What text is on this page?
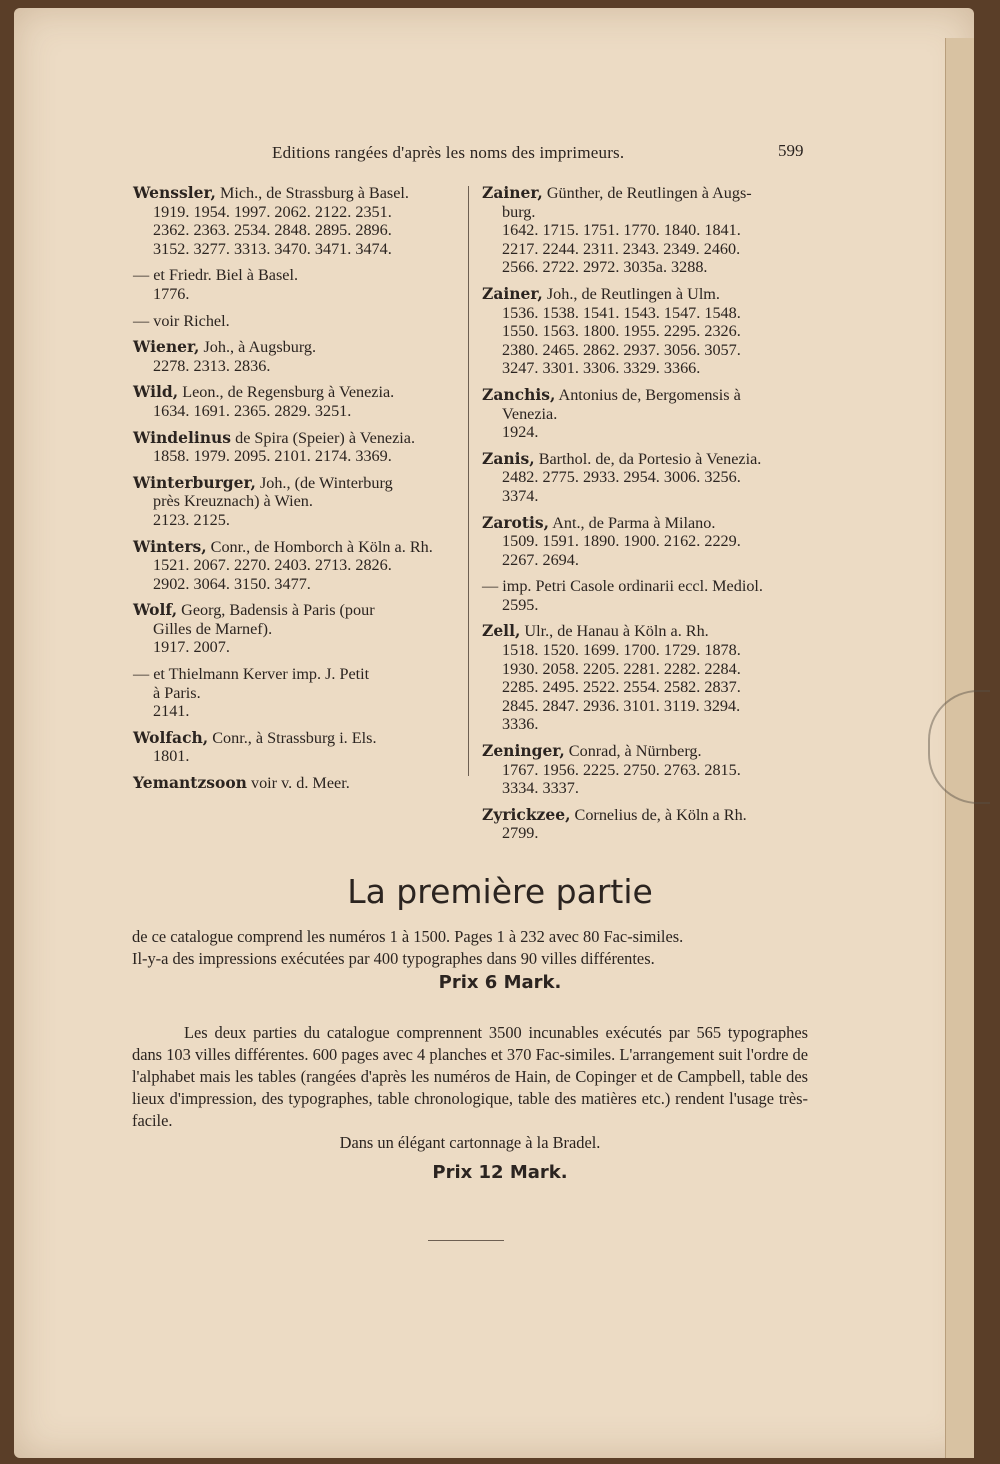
Editions rangées d'après les noms des imprimeurs.	599
Wenssler, Mich., de Strassburg à Basel.
1919. 1954. 1997. 2062. 2122. 2351.
2362. 2363. 2534. 2848. 2895. 2896.
3152. 3277. 3313. 3470. 3471. 3474.
— et Friedr. Biel à Basel.
1776.
— voir Richel.
Wiener, Joh., à Augsburg.
2278. 2313. 2836.
Wild, Leon., de Regensburg à Venezia.
1634. 1691. 2365. 2829. 3251.
Windelinus de Spira (Speier) à Venezia.
1858. 1979. 2095. 2101. 2174. 3369.
Winterburger, Joh., (de Winterburg
près Kreuznach) à Wien.
2123. 2125.
Winters, Conr., de Homborch à Köln a. Rh.
1521. 2067. 2270. 2403. 2713. 2826.
2902. 3064. 3150. 3477.
Wolf, Georg, Badensis à Paris (pour
Gilles de Marnef).
1917. 2007.
— et Thielmann Kerver imp. J. Petit
à Paris.
2141.
Wolfach, Conr., à Strassburg i. Els.
1801.
Yemantzsoon voir v. d. Meer.
Zainer, Günther, de Reutlingen à Augs-
burg.
1642. 1715. 1751. 1770. 1840. 1841.
2217. 2244. 2311. 2343. 2349. 2460.
2566. 2722. 2972. 3035a. 3288.
Zainer, Joh., de Reutlingen à Ulm.
1536. 1538. 1541. 1543. 1547. 1548.
1550. 1563. 1800. 1955. 2295. 2326.
2380. 2465. 2862. 2937. 3056. 3057.
3247. 3301. 3306. 3329. 3366.
Zanchis, Antonius de, Bergomensis à
Venezia.
1924.
Zanis, Barthol. de, da Portesio à Venezia.
2482. 2775. 2933. 2954. 3006. 3256.
3374.
Zarotis, Ant., de Parma à Milano.
1509. 1591. 1890. 1900. 2162. 2229.
2267. 2694.
— imp. Petri Casole ordinarii eccl. Mediol.
2595.
Zell, Ulr., de Hanau à Köln a. Rh.
1518. 1520. 1699. 1700. 1729. 1878.
1930. 2058. 2205. 2281. 2282. 2284.
2285. 2495. 2522. 2554. 2582. 2837.
2845. 2847. 2936. 3101. 3119. 3294.
3336.
Zeninger, Conrad, à Nürnberg.
1767. 1956. 2225. 2750. 2763. 2815.
3334. 3337.
Zyrickzee, Cornelius de, à Köln a Rh.
2799.
La première partie
de ce catalogue comprend les numéros 1 à 1500. Pages 1 à 232 avec 80 Fac-similes.
Il-y-a des impressions exécutées par 400 typographes dans 90 villes différentes.
Prix 6 Mark.
Les deux parties du catalogue comprennent 3500 incunables exécutés par 565 typographes dans 103 villes différentes. 600 pages avec 4 planches et 370 Fac-similes. L'arrangement suit l'ordre de l'alphabet mais les tables (rangées d'après les numéros de Hain, de Copinger et de Campbell, table des lieux d'impression, des typographes, table chronologique, table des matières etc.) rendent l'usage très-facile.
Dans un élégant cartonnage à la Bradel.
Prix 12 Mark.
